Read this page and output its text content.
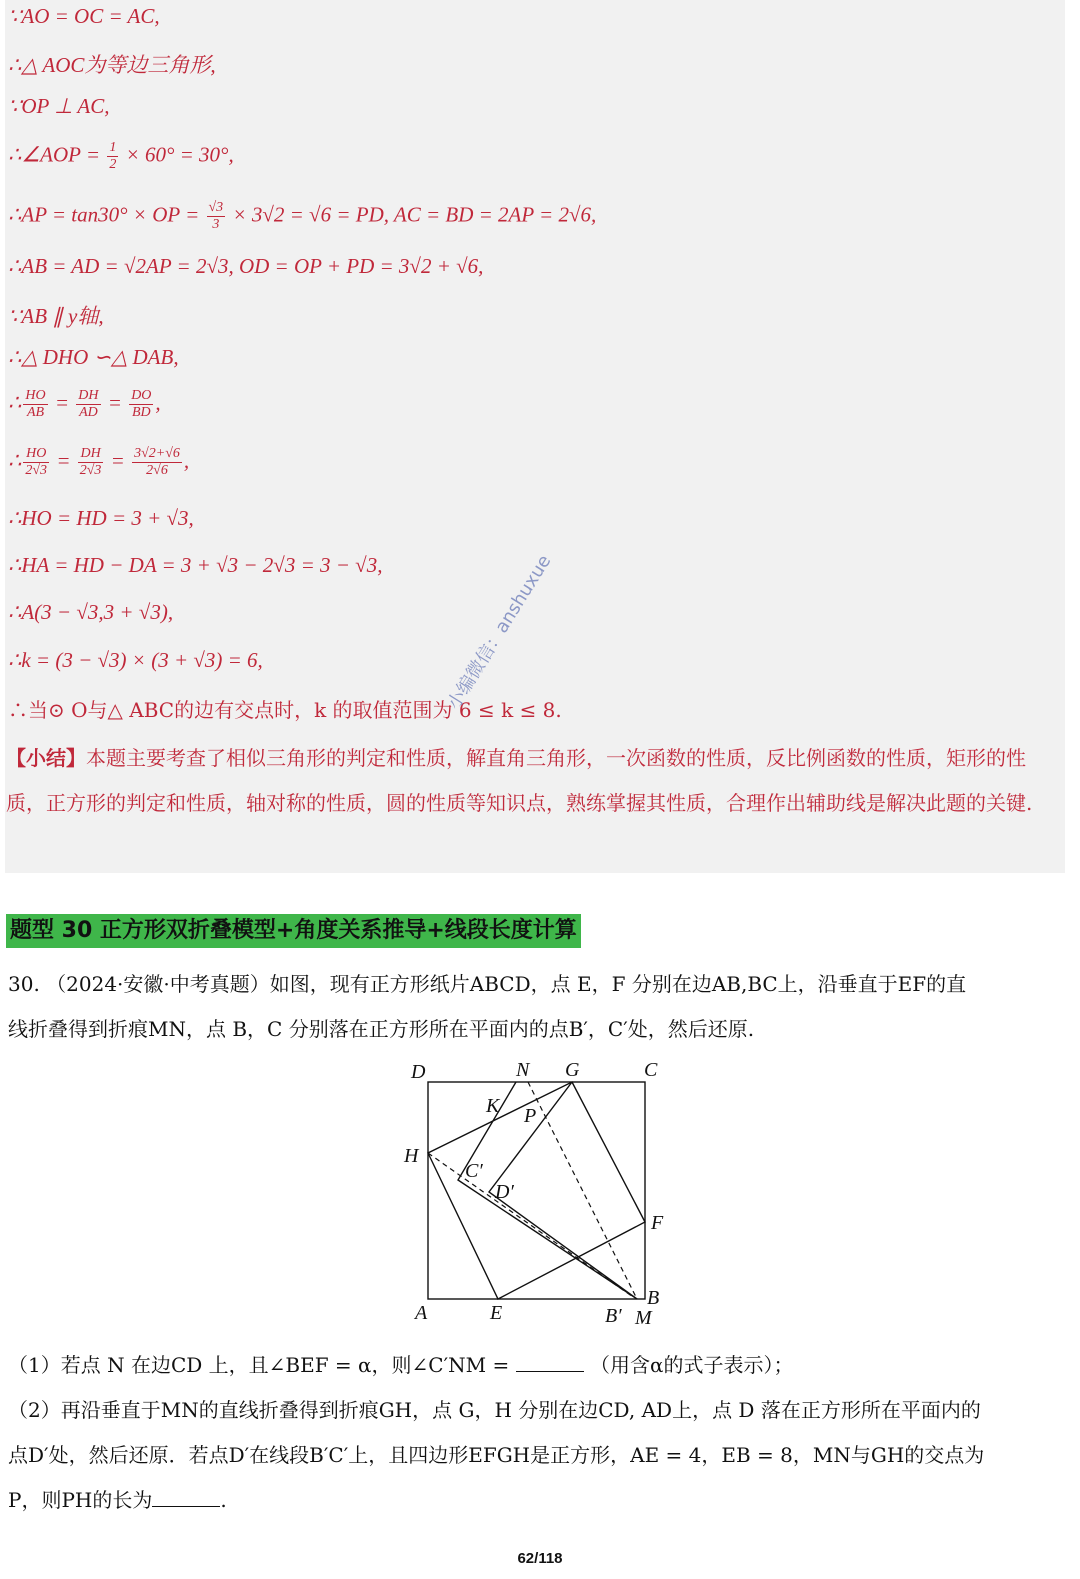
∵AO = OC = AC,
∴△ AOC为等边三角形,
∵OP ⊥ AC,
∴∠AOP = $\frac{1}{2} \times 60^\circ = 30^\circ$,
∴AP = tan30° × OP = $\frac{√3}{3} \times 3√2 = √6$ = PD, AC = BD = 2AP = 2√6,
∴AB = AD = √2AP = 2√3, OD = OP + PD = 3√2 + √6,
∵AB ∥ y轴,
∴△ DHO ∽△ DAB,
∴ $\frac{HO}{AB} = \frac{DH}{AD} = \frac{DO}{BD}$ ,
∴ $\frac{HO}{2√3} = \frac{DH}{2√3} = \frac{3√2+√6}{2√6}$ ,
∴HO = HD = 3 + √3,
∴HA = HD − DA = 3 + √3 − 2√3 = 3 − √3,
∴A(3 − √3,3 + √3),
∴k = (3 − √3) × (3 + √3) = 6,
∴当⊙ O与△ ABC的边有交点时，k 的取值范围为 6 ≤ k ≤ 8.
【小结】本题主要考查了相似三角形的判定和性质，解直角三角形，一次函数的性质，反比例函数的性质，矩形的性质，正方形的判定和性质，轴对称的性质，圆的性质等知识点，熟练掌握其性质，合理作出辅助线是解决此题的关键.
小编微信：anshuxue
题型 30 正方形双折叠模型+角度关系推导+线段长度计算
30. （2024·安徽·中考真题）如图，现有正方形纸片ABCD，点 E，F 分别在边AB,BC上，沿垂直于EF的直
线折叠得到折痕MN，点 B，C 分别落在正方形所在平面内的点B′，C′处，然后还原.
D	N G	C
K P
H
C′
D′
F
A	E
B
B′ M
（1）若点 N 在边CD 上，且∠BEF = α，则∠C′NM =	（用含α的式子表示）；
（2）再沿垂直于MN的直线折叠得到折痕GH，点 G，H 分别在边CD, AD上，点 D 落在正方形所在平面内的
点D′处，然后还原．若点D′在线段B′C′上，且四边形EFGH是正方形，AE = 4，EB = 8，MN与GH的交点为
P，则PH的长为	.
62/118
